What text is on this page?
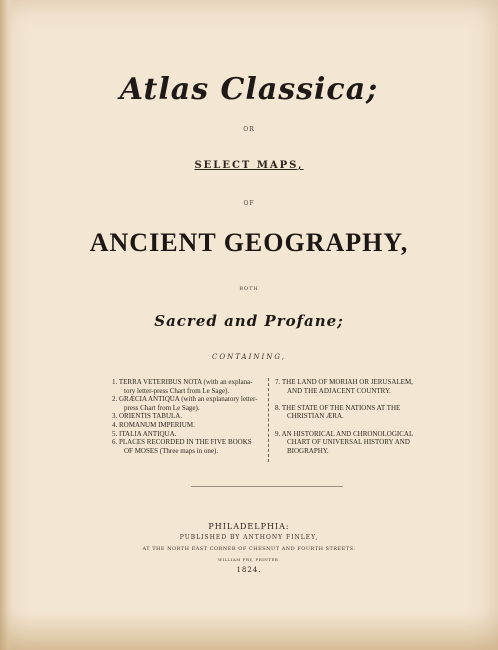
Atlas Classica;
OR
SELECT MAPS,
OF
ANCIENT GEOGRAPHY,
BOTH
Sacred and Profane;
CONTAINING,
1. TERRA VETERIBUS NOTA (with an explana-
tory letter-press Chart from Le Sage).
2. GRÆCIA ANTIQUA (with an explanatory letter-
press Chart from Le Sage).
3. ORIENTIS TABULA.
4. ROMANUM IMPERIUM.
5. ITALIA ANTIQUA.
6. PLACES RECORDED IN THE FIVE BOOKS
OF MOSES (Three maps in one).
7. THE LAND OF MORIAH OR JERUSALEM,
AND THE ADJACENT COUNTRY.

8. THE STATE OF THE NATIONS AT THE
CHRISTIAN ÆRA.

9. AN HISTORICAL AND CHRONOLOGICAL
CHART OF UNIVERSAL HISTORY AND
BIOGRAPHY.
PHILADELPHIA:
PUBLISHED BY ANTHONY FINLEY,
AT THE NORTH EAST CORNER OF CHESNUT AND FOURTH STREETS.
WILLIAM FRY, PRINTER.
1824.
